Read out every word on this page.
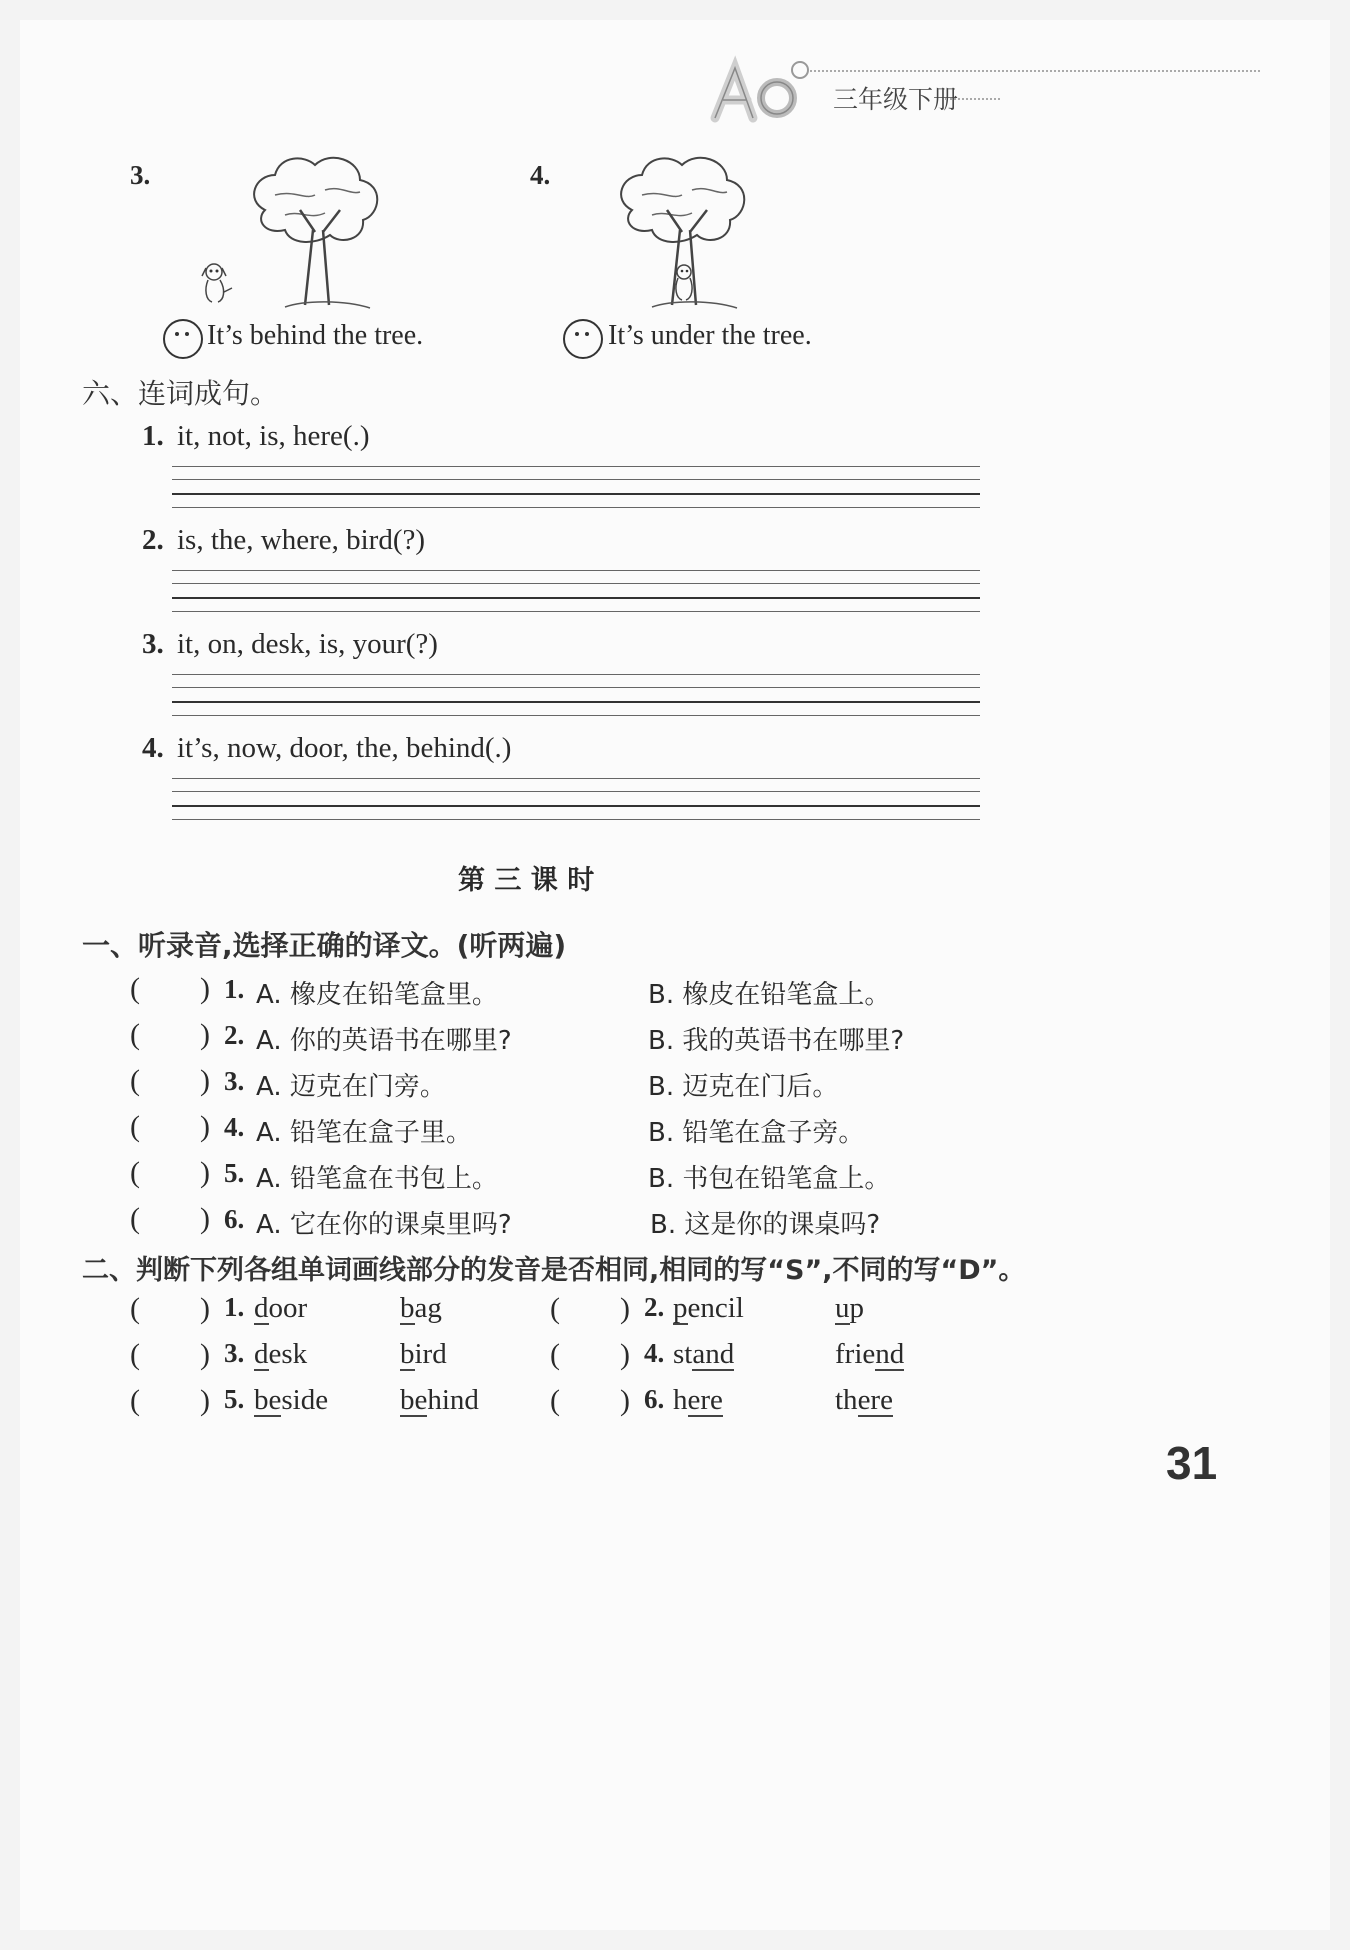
三年级下册
3.
It’s behind the tree.
4.
It’s under the tree.
六、连词成句。
1. it, not, is, here(.)
2. is, the, where, bird(?)
3. it, on, desk, is, your(?)
4. it’s, now, door, the, behind(.)
第 三 课 时
一、听录音,选择正确的译文。(听两遍)
(        ) 1. A. 橡皮在铅笔盒里。	B. 橡皮在铅笔盒上。
(        ) 2. A. 你的英语书在哪里?	B. 我的英语书在哪里?
(        ) 3. A. 迈克在门旁。	B. 迈克在门后。
(        ) 4. A. 铅笔在盒子里。	B. 铅笔在盒子旁。
(        ) 5. A. 铅笔盒在书包上。	B. 书包在铅笔盒上。
(        ) 6. A. 它在你的课桌里吗?	B. 这是你的课桌吗?
二、判断下列各组单词画线部分的发音是否相同,相同的写“S”,不同的写“D”。
(        ) 1. door	bag	(        ) 2. pencil	up
(        ) 3. desk	bird	(        ) 4. stand	friend
(        ) 5. beside behind (        ) 6. here	there
31
